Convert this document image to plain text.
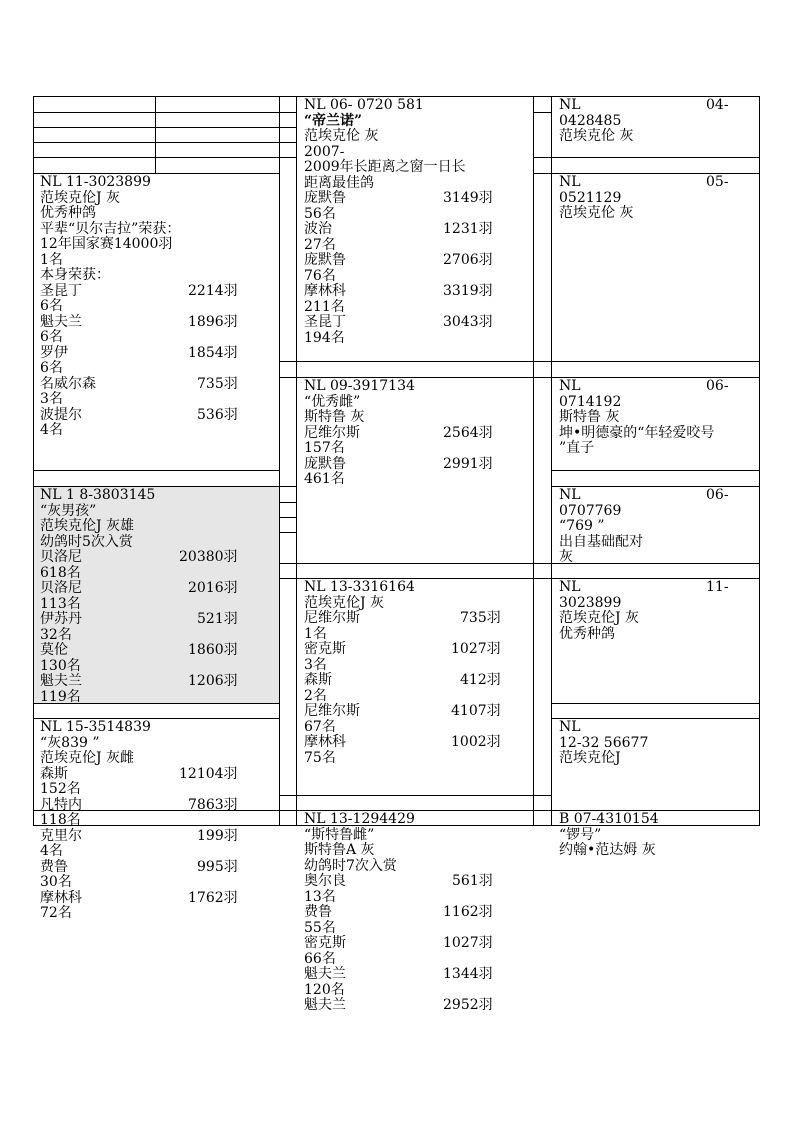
NL 11-3023899
范埃克伦J 灰
优秀种鸽
平辈“贝尔吉拉”荣获：
12年国家赛14000羽
1名
本身荣获：
圣昆丁	2214羽
6名
魁夫兰	1896羽
6名
罗伊	1854羽
6名
名威尔森	735羽
3名
波提尔	536羽
4名
NL 1 8-3803145
“灰男孩”
范埃克伦J 灰雄
幼鸽时5次入赏
贝洛尼	20380羽
618名
贝洛尼	2016羽
113名
伊苏丹	521羽
32名
莫伦	1860羽
130名
魁夫兰	1206羽
119名
NL 15-3514839
“灰839 ”
范埃克伦J 灰雌
森斯	12104羽
152名
凡特内	7863羽
118名
克里尔	199羽
4名
费鲁	995羽
30名
摩林科	1762羽
72名
NL 06- 0720 581
“帝兰诺”
范埃克伦 灰
2007-
2009年长距离之窗一日长
距离最佳鸽
庞默鲁	3149羽
56名
波治	1231羽
27名
庞默鲁	2706羽
76名
摩林科	3319羽
211名
圣昆丁	3043羽
194名
NL 09-3917134
“优秀雌”
斯特鲁 灰
尼维尔斯	2564羽
157名
庞默鲁	2991羽
461名
NL 13-3316164
范埃克伦J 灰
尼维尔斯	735羽
1名
密克斯	1027羽
3名
森斯	412羽
2名
尼维尔斯	4107羽
67名
摩林科	1002羽
75名
NL 13-1294429
“斯特鲁雌”
斯特鲁A 灰
幼鸽时7次入赏
奥尔良	561羽
13名
费鲁	1162羽
55名
密克斯	1027羽
66名
魁夫兰	1344羽
120名
魁夫兰	2952羽
NL	04-
0428485
范埃克伦 灰
NL	05-
0521129
范埃克伦 灰
NL	06-
0714192
斯特鲁 灰
坤•明德豪的“年轻爱咬号
”直子
NL	06-
0707769
“769 ”
出自基础配对
灰
NL	11-
3023899
范埃克伦J 灰
优秀种鸽
NL
12-32 56677
范埃克伦J
B 07-4310154
“锣号”
约翰•范达姆 灰
